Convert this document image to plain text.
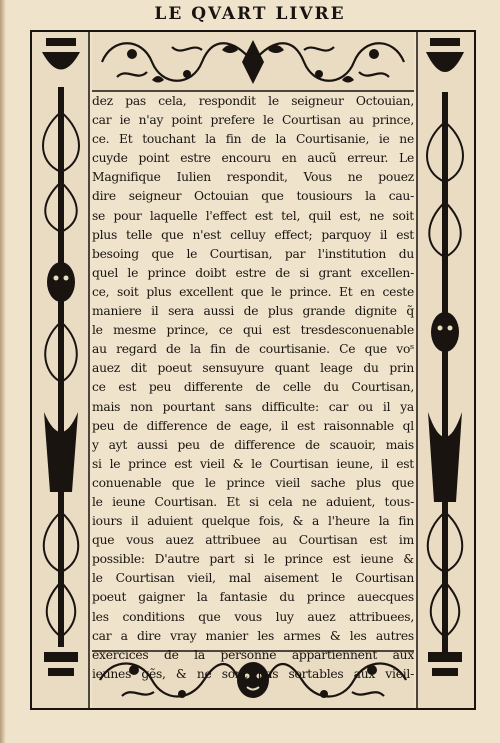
LE QVART LIVRE
dez pas cela, respondit le seigneur Octouian,
car ie n'ay point prefere le Courtisan au prince,
ce. Et touchant la fin de la Courtisanie, ie ne
cuyde point estre encouru en aucũ erreur. Le
Magnifique Iulien respondit, Vous ne pouez
dire seigneur Octouian que tousiours la cau-
se pour laquelle l'effect est tel, quil est, ne soit
plus telle que n'est celluy effect; parquoy il est
besoing que le Courtisan, par l'institution du
quel le prince doibt estre de si grant excellen-
ce, soit plus excellent que le prince. Et en ceste
maniere il sera aussi de plus grande dignite q̃
le mesme prince, ce qui est tresdesconuenable
au regard de la fin de courtisanie. Ce que voˢ
auez dit poeut sensuyure quant leage du prin
ce est peu differente de celle du Courtisan,
mais non pourtant sans difficulte: car ou il ya
peu de difference de eage, il est raisonnable ql
y ayt aussi peu de difference de scauoir, mais
si le prince est vieil & le Courtisan ieune, il est
conuenable que le prince vieil sache plus que
le ieune Courtisan. Et si cela ne aduient, tous-
iours il aduient quelque fois, & a l'heure la fin
que vous auez attribuee au Courtisan est im
possible: D'autre part si le prince est ieune &
le Courtisan vieil, mal aisement le Courtisan
poeut gaigner la fantasie du prince auecques
les conditions que vous luy auez attribuees,
car a dire vray manier les armes & les autres
exercices de la personne appartiennent aux
ieunes gẽs, & ne sont pas sortables aux vieil-
